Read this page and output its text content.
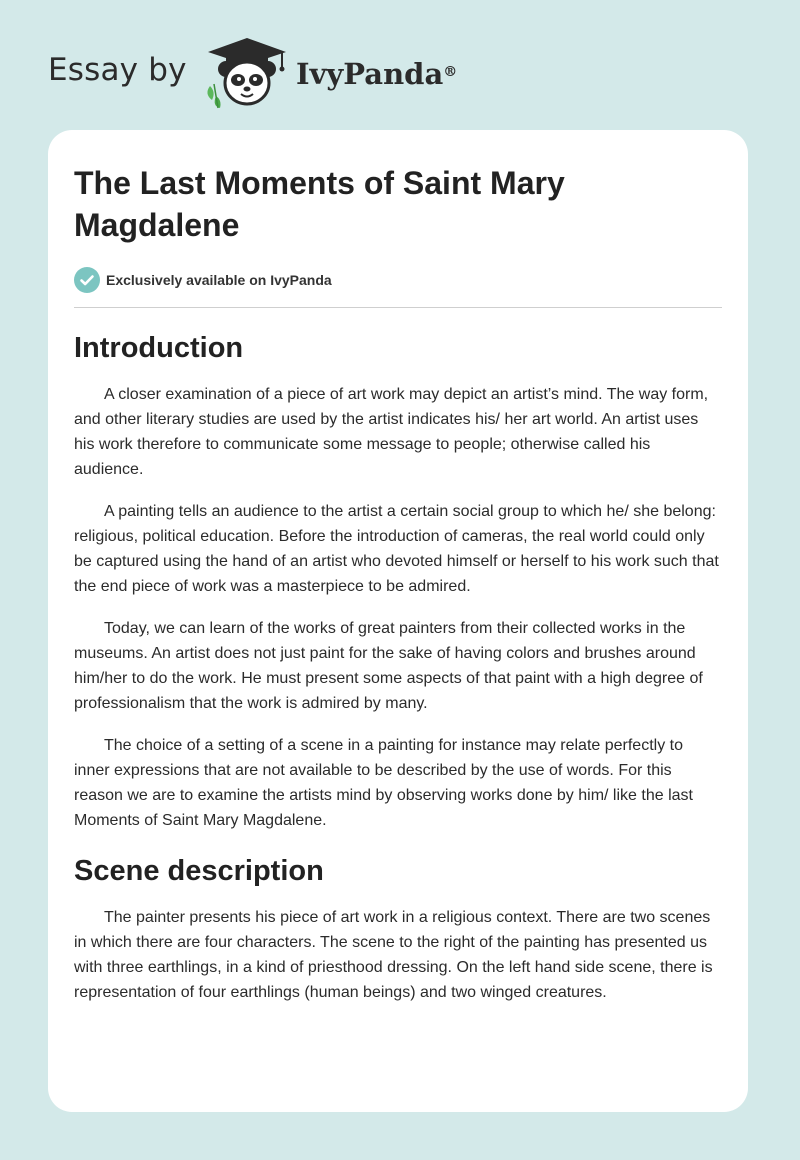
Essay by	IvyPanda®
The Last Moments of Saint Mary Magdalene
Exclusively available on IvyPanda
Introduction

A closer examination of a piece of art work may depict an artist’s mind. The way form, and other literary studies are used by the artist indicates his/ her art world. An artist uses his work therefore to communicate some message to people; otherwise called his audience.

A painting tells an audience to the artist a certain social group to which he/ she belong: religious, political education. Before the introduction of cameras, the real world could only be captured using the hand of an artist who devoted himself or herself to his work such that the end piece of work was a masterpiece to be admired.

Today, we can learn of the works of great painters from their collected works in the museums. An artist does not just paint for the sake of having colors and brushes around him/her to do the work. He must present some aspects of that paint with a high degree of professionalism that the work is admired by many.

The choice of a setting of a scene in a painting for instance may relate perfectly to inner expressions that are not available to be described by the use of words. For this reason we are to examine the artists mind by observing works done by him/ like the last Moments of Saint Mary Magdalene.

Scene description

The painter presents his piece of art work in a religious context. There are two scenes in which there are four characters. The scene to the right of the painting has presented us with three earthlings, in a kind of priesthood dressing. On the left hand side scene, there is representation of four earthlings (human beings) and two winged creatures.
